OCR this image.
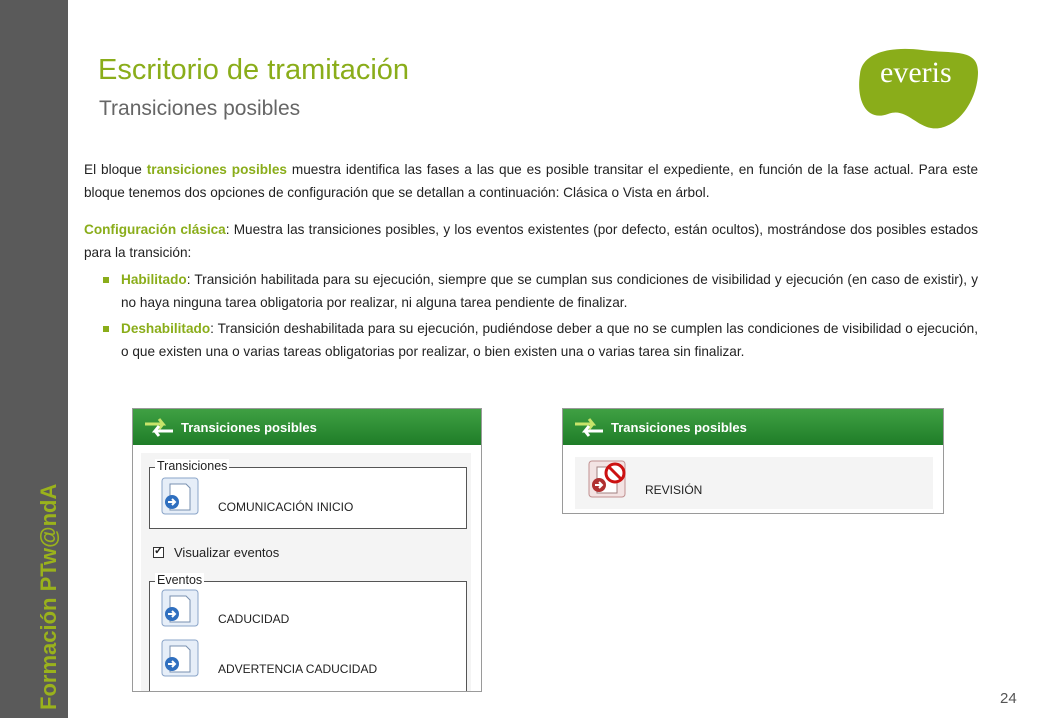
Formación PTw@ndA
Escritorio de tramitación
Transiciones posibles
everis

El bloque transiciones posibles muestra identifica las fases a las que es posible transitar el expediente, en función de la fase actual. Para este bloque tenemos dos opciones de configuración que se detallan a continuación: Clásica o Vista en árbol.

Configuración clásica: Muestra las transiciones posibles, y los eventos existentes (por defecto, están ocultos), mostrándose dos posibles estados para la transición:

Habilitado: Transición habilitada para su ejecución, siempre que se cumplan sus condiciones de visibilidad y ejecución (en caso de existir), y no haya ninguna tarea obligatoria por realizar, ni alguna tarea pendiente de finalizar.
Deshabilitado: Transición deshabilitada para su ejecución, pudiéndose deber a que no se cumplen las condiciones de visibilidad o ejecución, o que existen una o varias tareas obligatorias por realizar, o bien existen una o varias tarea sin finalizar.
Transiciones posibles
Transiciones
COMUNICACIÓN INICIO
✓
Visualizar eventos
Eventos
CADUCIDAD
ADVERTENCIA CADUCIDAD
Transiciones posibles
REVISIÓN
24
